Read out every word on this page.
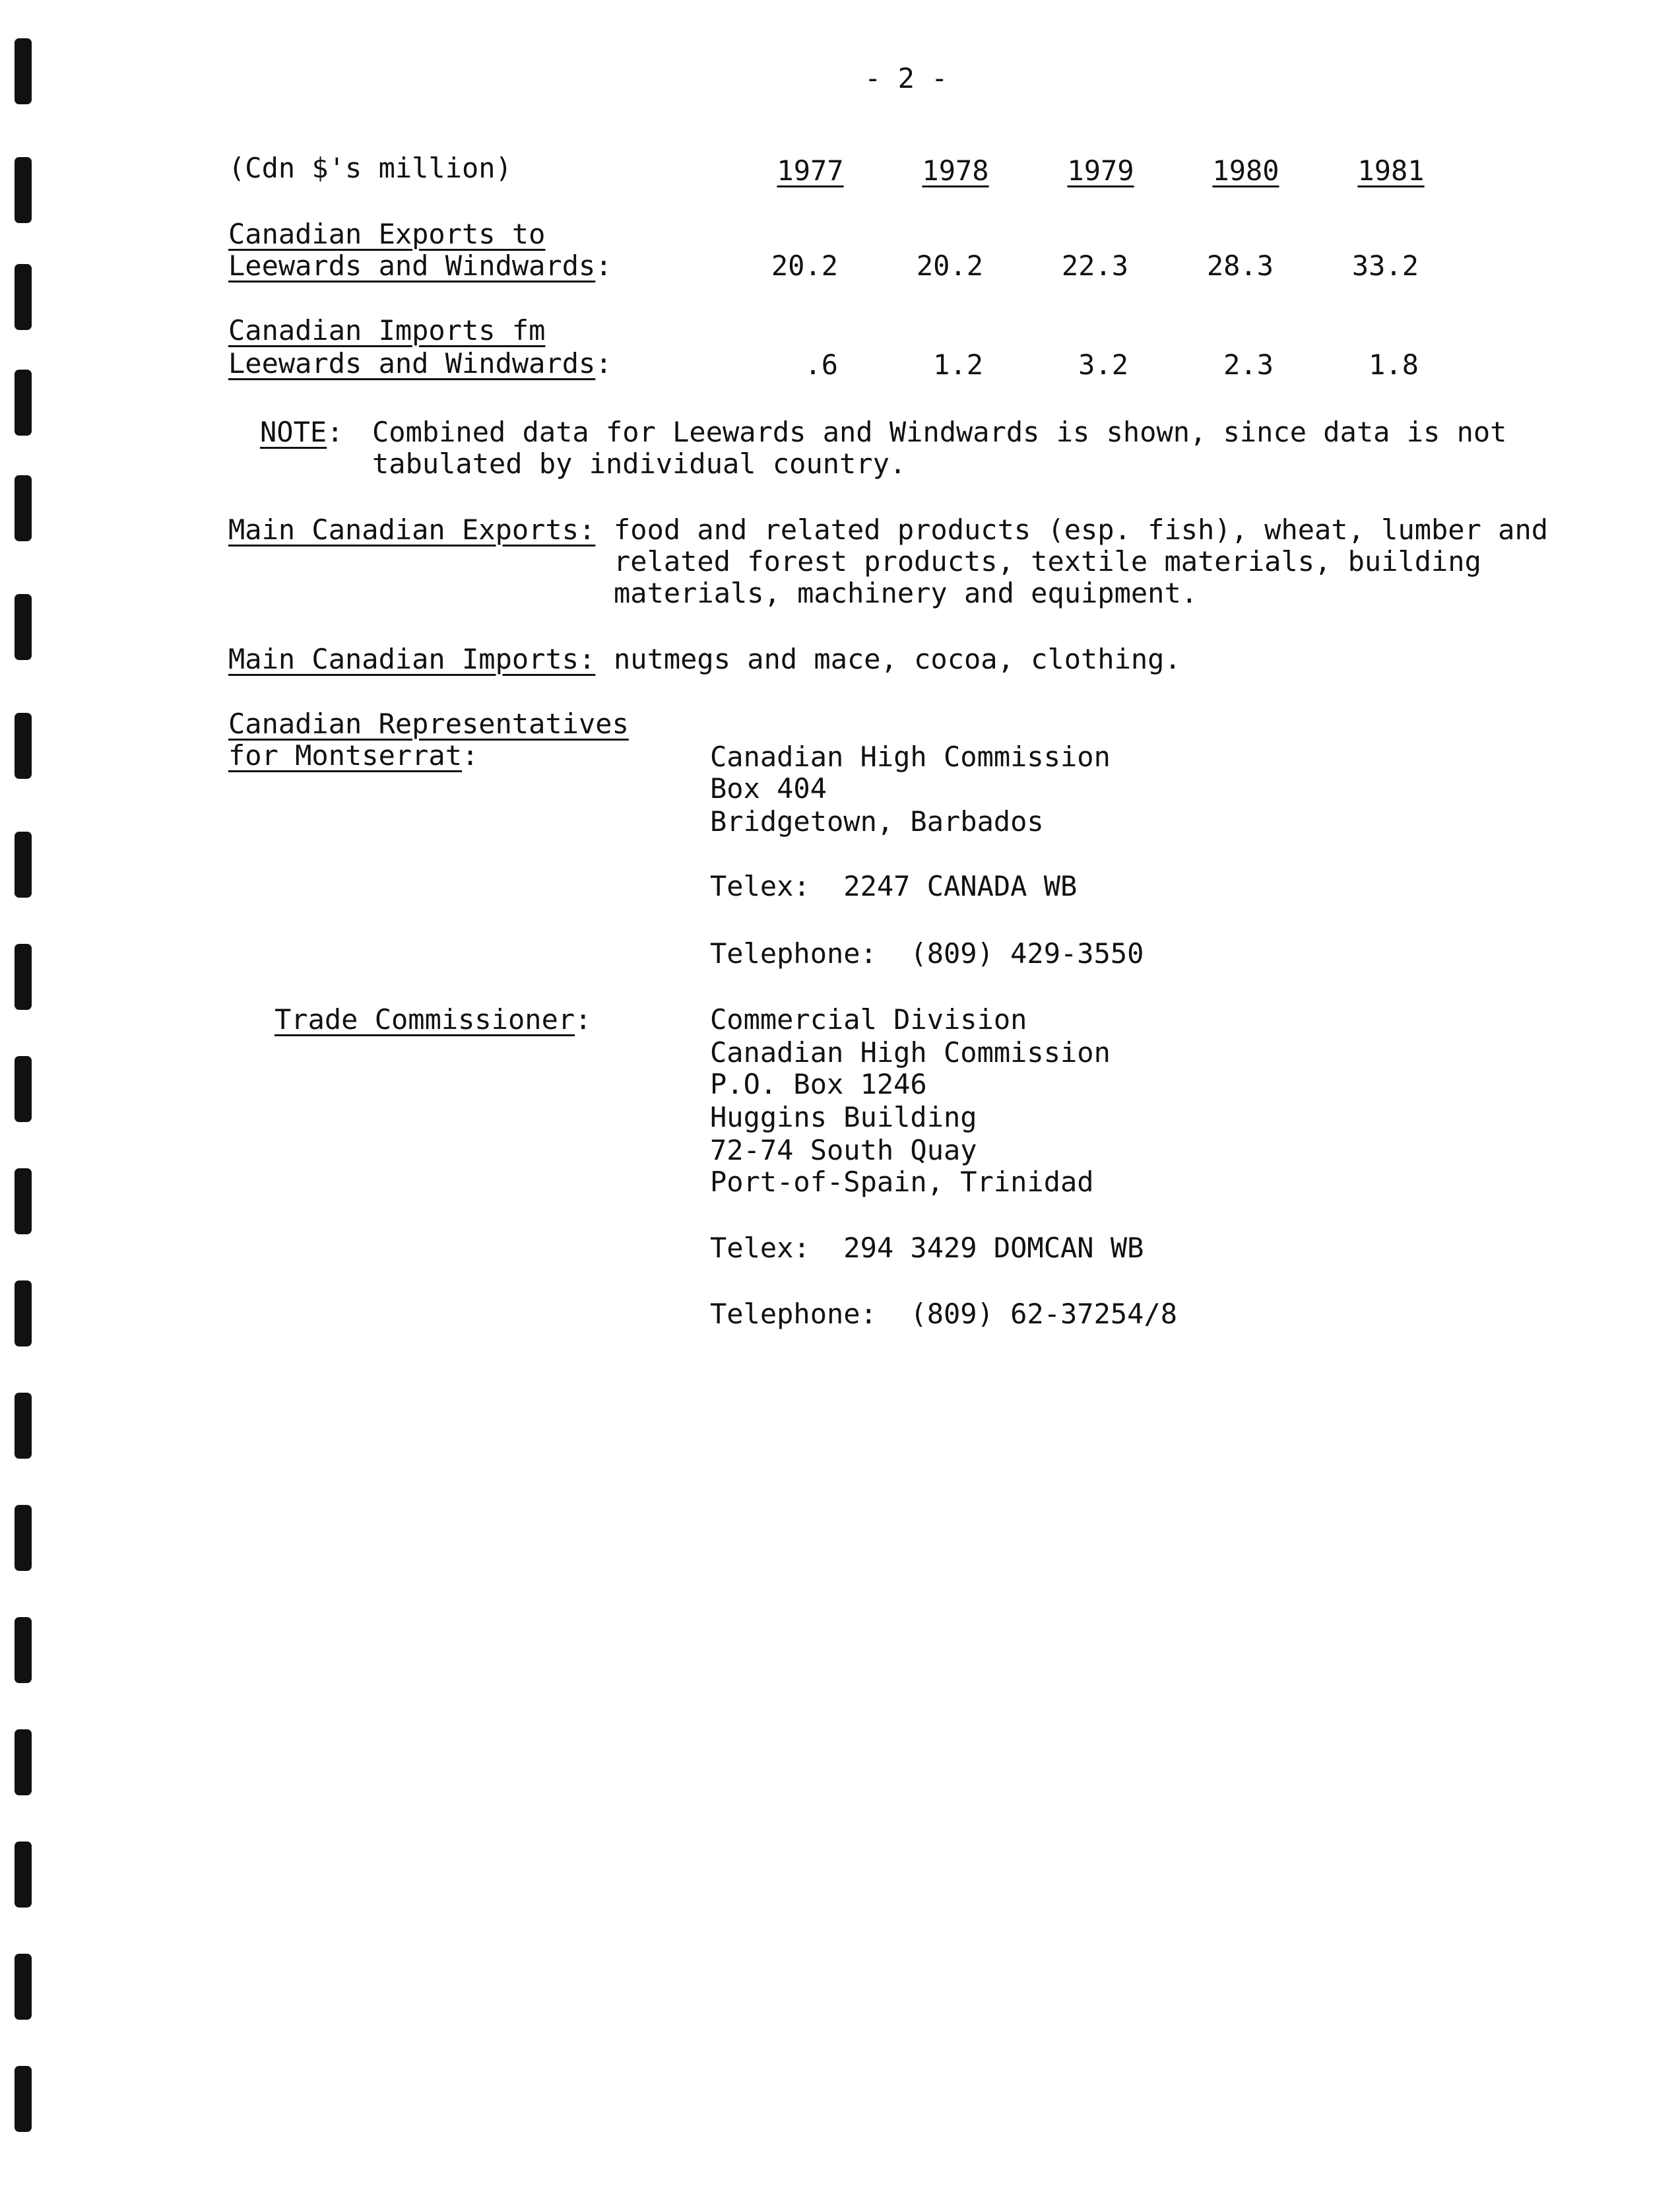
- 2 -
(Cdn $'s million)	1977	1978	1979	1980	1981
Canadian Exports to
Leewards and Windwards:	20.2	20.2	22.3	28.3	33.2
Canadian Imports fm
Leewards and Windwards:	.6	1.2	3.2	2.3	1.8
NOTE: Combined data for Leewards and Windwards is shown, since data is not
tabulated by individual country.
Main Canadian Exports: food and related products (esp. fish), wheat, lumber and
related forest products, textile materials, building
materials, machinery and equipment.
Main Canadian Imports: nutmegs and mace, cocoa, clothing.
Canadian Representatives
for Montserrat:	Canadian High Commission
Box 404
Bridgetown, Barbados
Telex:  2247 CANADA WB
Telephone:  (809) 429-3550
Trade Commissioner:	Commercial Division
Canadian High Commission
P.O. Box 1246
Huggins Building
72-74 South Quay
Port-of-Spain, Trinidad
Telex:  294 3429 DOMCAN WB
Telephone:  (809) 62-37254/8
